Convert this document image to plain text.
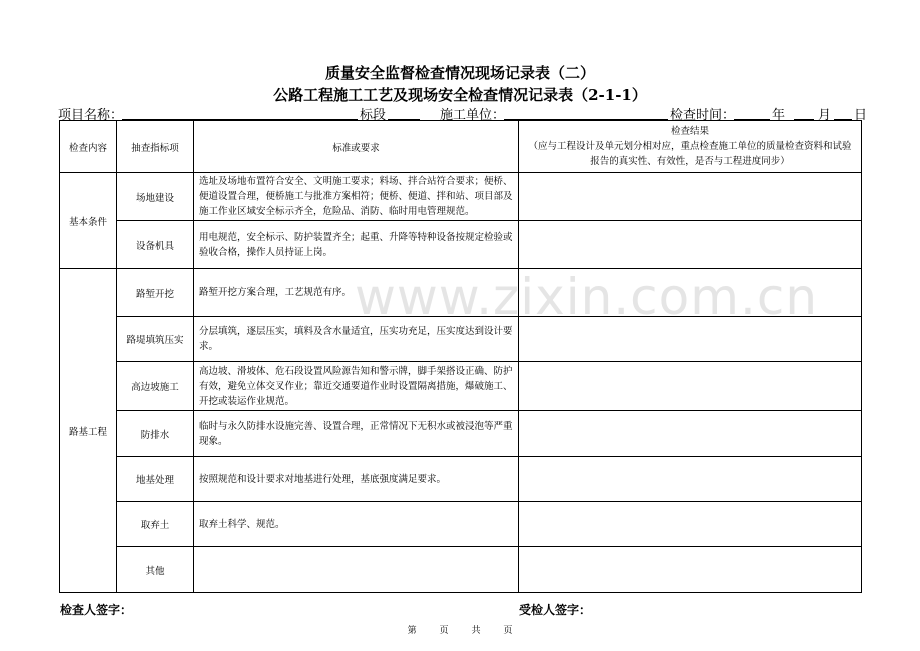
www.zixin.com.cn
质量安全监督检查情况现场记录表（二）
公路工程施工工艺及现场安全检查情况记录表（2-1-1）
项目名称：	标段	施工单位：	检查时间：	年	月 日
检查内容	抽查指标项	标准或要求	检查结果
（应与工程设计及单元划分相对应，重点检查施工单位的质量检查资料和试验
报告的真实性、有效性，是否与工程进度同步）

基本条件	场地建设	选址及场地布置符合安全、文明施工要求；料场、拌合站符合要求；便桥、便道设置合理，便桥施工与批准方案相符；便桥、便道、拌和站、项目部及施工作业区域安全标示齐全，危险品、消防、临时用电管理规范。	
	设备机具	用电规范，安全标示、防护装置齐全；起重、升降等特种设备按规定检验或验收合格，操作人员持证上岗。	
路基工程	路堑开挖	路堑开挖方案合理，工艺规范有序。	
	路堤填筑压实	分层填筑，逐层压实，填料及含水量适宜，压实功充足，压实度达到设计要求。	
	高边坡施工	高边坡、滑坡体、危石段设置风险源告知和警示牌，脚手架搭设正确、防护有效，避免立体交叉作业；靠近交通要道作业时设置隔离措施，爆破施工、开挖或装运作业规范。	
	防排水	临时与永久防排水设施完善、设置合理，正常情况下无积水或被浸泡等严重现象。	
	地基处理	按照规范和设计要求对地基进行处理，基底强度满足要求。	
	取弃土	取弃土科学、规范。	
	其他		
检查人签字：	受检人签字：
第	页	共	页
